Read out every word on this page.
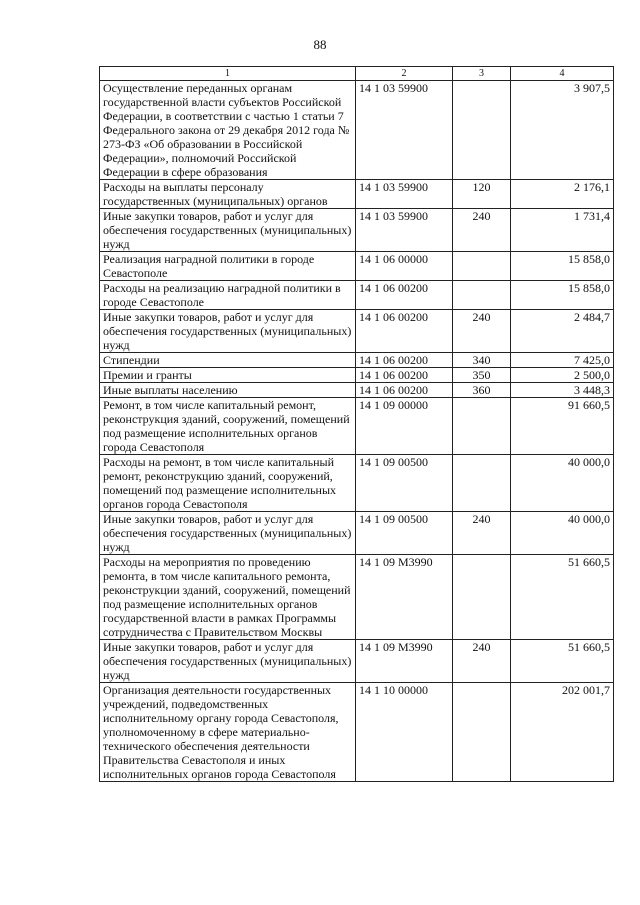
88
1	2	3	4
Осуществление переданных органам государственной власти субъектов Российской Федерации, в соответствии с частью 1 статьи 7 Федерального закона от 29 декабря 2012 года № 273-ФЗ «Об образовании в Российской Федерации», полномочий Российской Федерации в сфере образования	14 1 03 59900		3 907,5
Расходы на выплаты персоналу государственных (муниципальных) органов	14 1 03 59900	120	2 176,1
Иные закупки товаров, работ и услуг для обеспечения государственных (муниципальных) нужд	14 1 03 59900	240	1 731,4
Реализация наградной политики в городе Севастополе	14 1 06 00000		15 858,0
Расходы на реализацию наградной политики в городе Севастополе	14 1 06 00200		15 858,0
Иные закупки товаров, работ и услуг для обеспечения государственных (муниципальных) нужд	14 1 06 00200	240	2 484,7
Стипендии	14 1 06 00200	340	7 425,0
Премии и гранты	14 1 06 00200	350	2 500,0
Иные выплаты населению	14 1 06 00200	360	3 448,3
Ремонт, в том числе капитальный ремонт, реконструкция зданий, сооружений, помещений под размещение исполнительных органов города Севастополя	14 1 09 00000		91 660,5
Расходы на ремонт, в том числе капитальный ремонт, реконструкцию зданий, сооружений, помещений под размещение исполнительных органов города Севастополя	14 1 09 00500		40 000,0
Иные закупки товаров, работ и услуг для обеспечения государственных (муниципальных) нужд	14 1 09 00500	240	40 000,0
Расходы на мероприятия по проведению ремонта, в том числе капитального ремонта, реконструкции зданий, сооружений, помещений под размещение исполнительных органов государственной власти в рамках Программы сотрудничества с Правительством Москвы	14 1 09 М3990		51 660,5
Иные закупки товаров, работ и услуг для обеспечения государственных (муниципальных) нужд	14 1 09 М3990	240	51 660,5
Организация деятельности государственных учреждений, подведомственных исполнительному органу города Севастополя, уполномоченному в сфере материально-технического обеспечения деятельности Правительства Севастополя и иных исполнительных органов города Севастополя	14 1 10 00000		202 001,7
